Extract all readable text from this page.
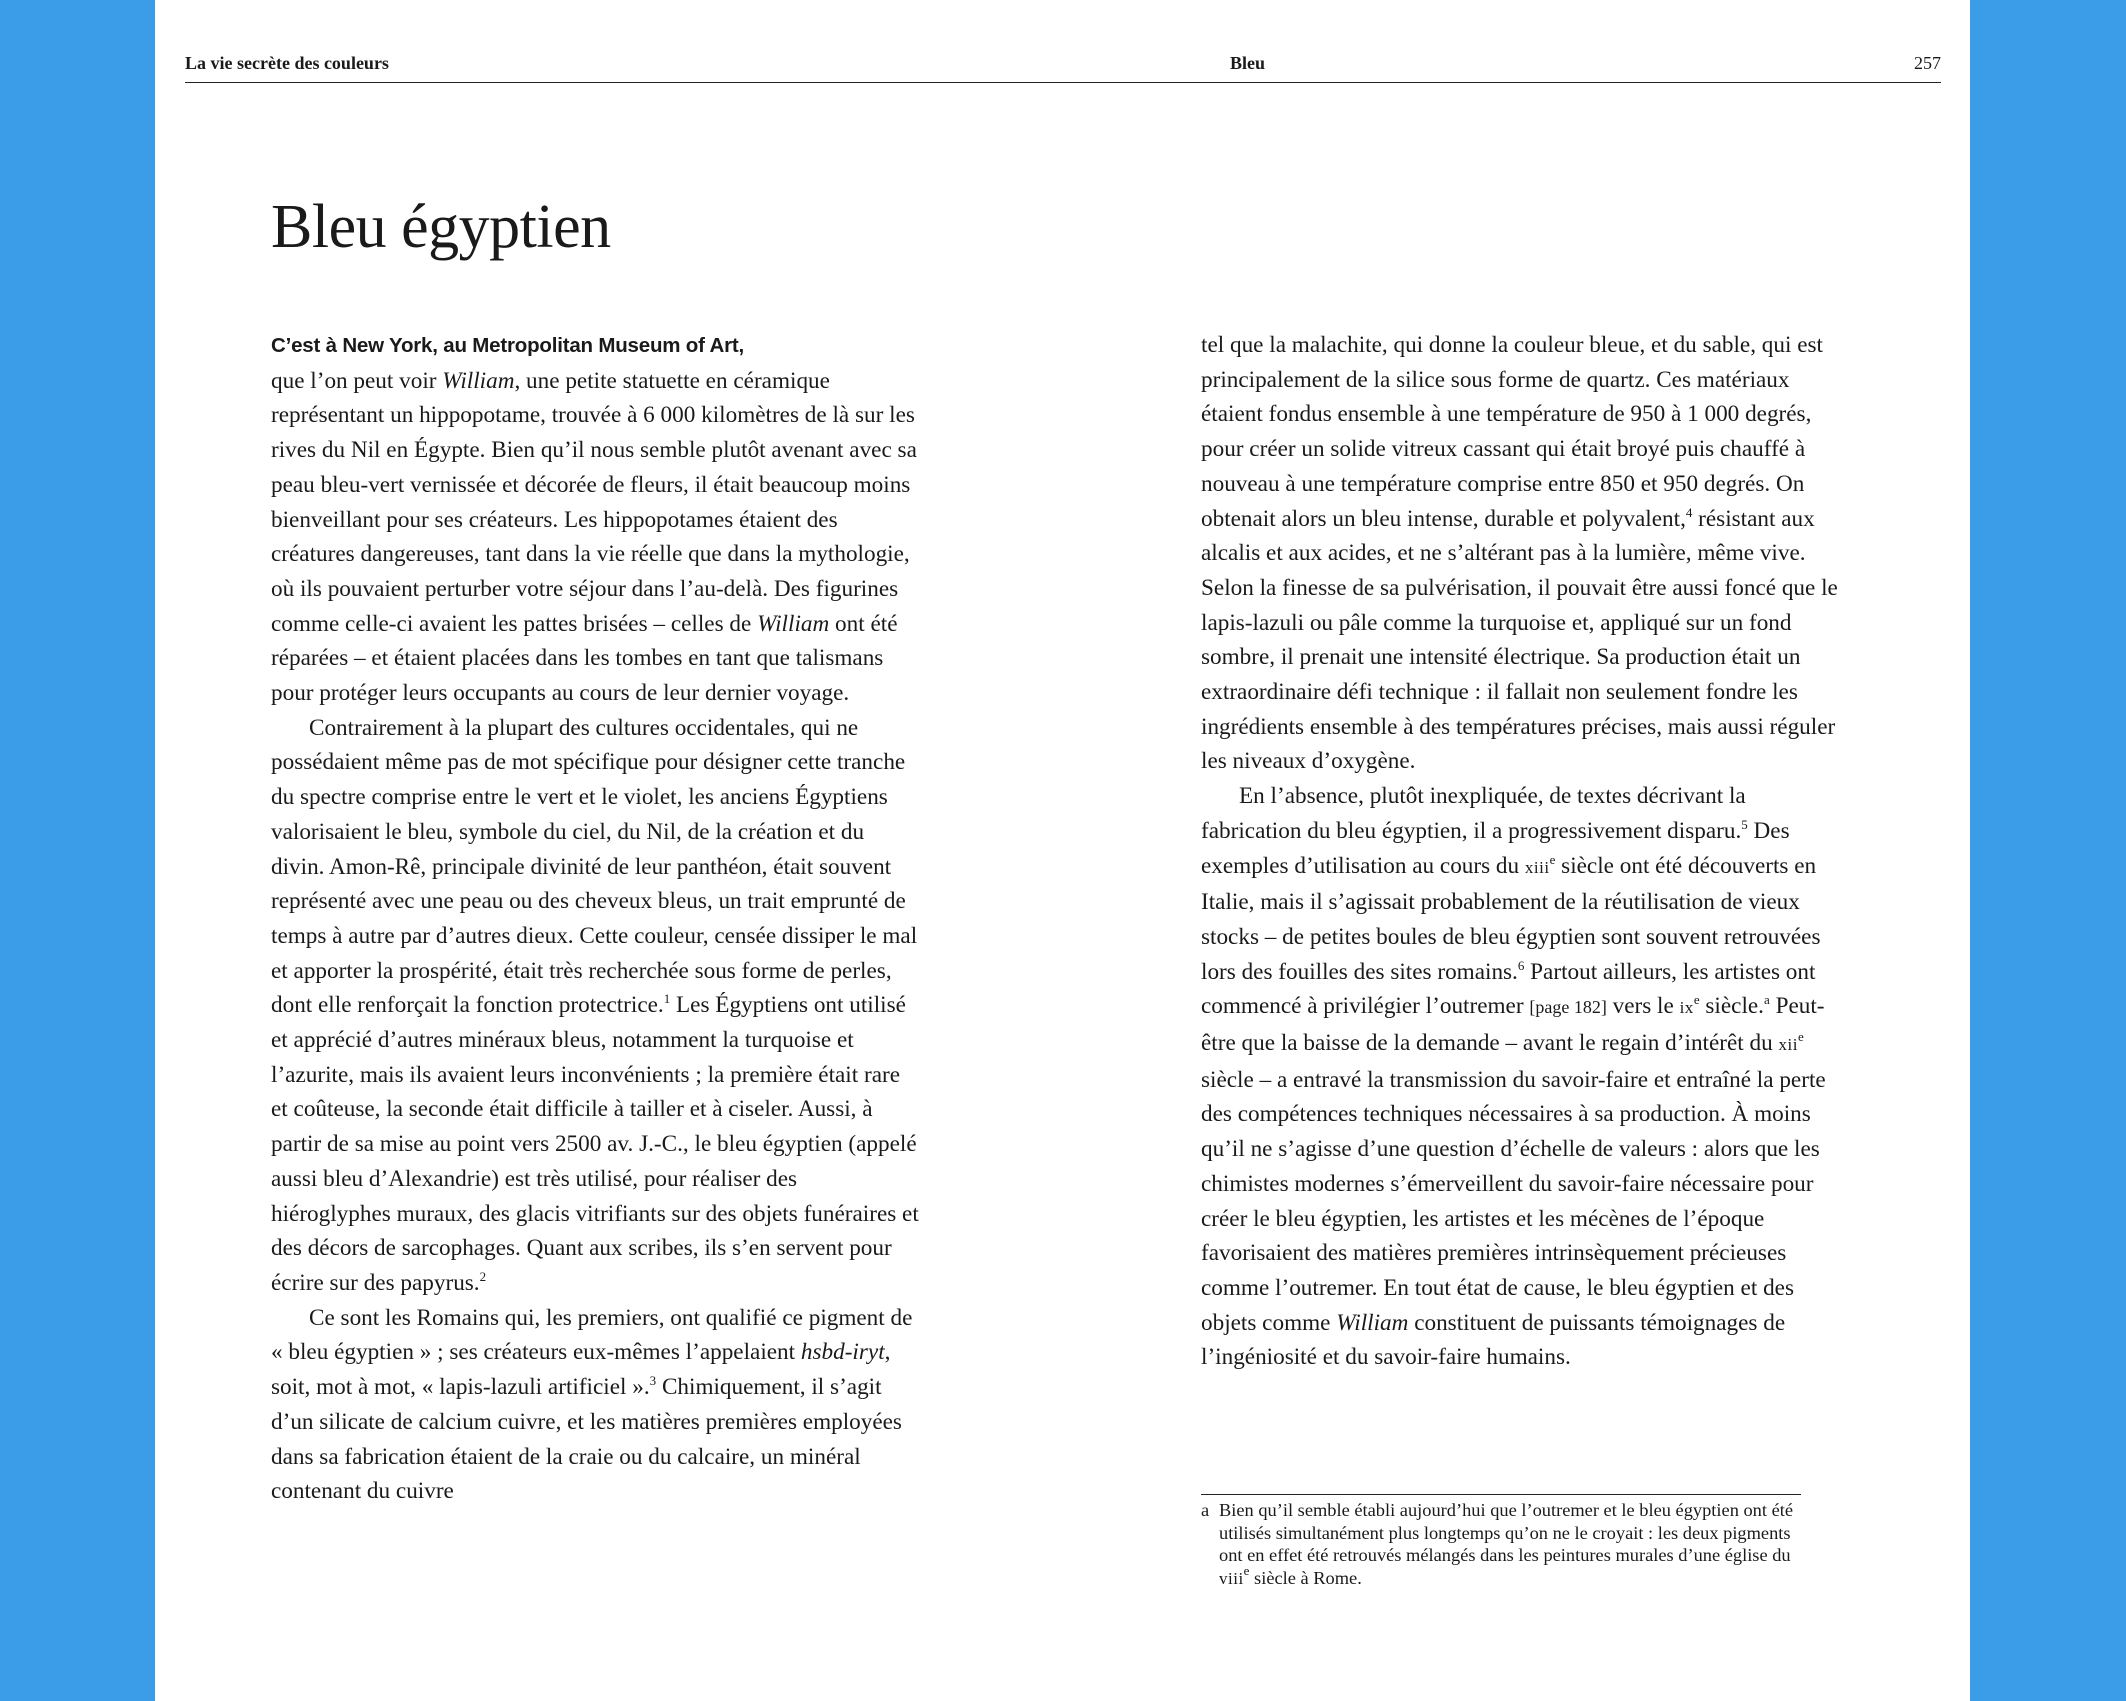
La vie secrète des couleurs	Bleu	257
Bleu égyptien

C’est à New York, au Metropolitan Museum of Art,
que l’on peut voir William, une petite statuette en céramique représentant un hippopotame, trouvée à 6 000 kilomètres de là sur les rives du Nil en Égypte. Bien qu’il nous semble plutôt avenant avec sa peau bleu-vert vernissée et décorée de fleurs, il était beaucoup moins bienveillant pour ses créateurs. Les hippopotames étaient des créatures dangereuses, tant dans la vie réelle que dans la mythologie, où ils pouvaient perturber votre séjour dans l’au-delà. Des figurines comme celle-ci avaient les pattes brisées – celles de William ont été réparées – et étaient placées dans les tombes en tant que talismans pour protéger leurs occupants au cours de leur dernier voyage.

Contrairement à la plupart des cultures occidentales, qui ne possédaient même pas de mot spécifique pour désigner cette tranche du spectre comprise entre le vert et le violet, les anciens Égyptiens valorisaient le bleu, symbole du ciel, du Nil, de la création et du divin. Amon-Rê, principale divinité de leur panthéon, était souvent représenté avec une peau ou des cheveux bleus, un trait emprunté de temps à autre par d’autres dieux. Cette couleur, censée dissiper le mal et apporter la prospérité, était très recherchée sous forme de perles, dont elle renforçait la fonction protectrice.$^1$ Les Égyptiens ont utilisé et apprécié d’autres minéraux bleus, notamment la turquoise et l’azurite, mais ils avaient leurs inconvénients ; la première était rare et coûteuse, la seconde était difficile à tailler et à ciseler. Aussi, à partir de sa mise au point vers 2500 av. J.-C., le bleu égyptien (appelé aussi bleu d’Alexandrie) est très utilisé, pour réaliser des hiéroglyphes muraux, des glacis vitrifiants sur des objets funéraires et des décors de sarcophages. Quant aux scribes, ils s’en servent pour écrire sur des papyrus.$^2$

Ce sont les Romains qui, les premiers, ont qualifié ce pigment de « bleu égyptien » ; ses créateurs eux-mêmes l’appelaient hsbd-iryt, soit, mot à mot, « lapis-lazuli artificiel ».$^3$ Chimiquement, il s’agit d’un silicate de calcium cuivre, et les matières premières employées dans sa fabrication étaient de la craie ou du calcaire, un minéral contenant du cuivre

tel que la malachite, qui donne la couleur bleue, et du sable, qui est principalement de la silice sous forme de quartz. Ces matériaux étaient fondus ensemble à une température de 950 à 1 000 degrés, pour créer un solide vitreux cassant qui était broyé puis chauffé à nouveau à une température comprise entre 850 et 950 degrés. On obtenait alors un bleu intense, durable et polyvalent,$^4$ résistant aux alcalis et aux acides, et ne s’altérant pas à la lumière, même vive. Selon la finesse de sa pulvérisation, il pouvait être aussi foncé que le lapis-lazuli ou pâle comme la turquoise et, appliqué sur un fond sombre, il prenait une intensité électrique. Sa production était un extraordinaire défi technique : il fallait non seulement fondre les ingrédients ensemble à des températures précises, mais aussi réguler les niveaux d’oxygène.

En l’absence, plutôt inexpliquée, de textes décrivant la fabrication du bleu égyptien, il a progressivement disparu.$^5$ Des exemples d’utilisation au cours du xiii$^e$ siècle ont été découverts en Italie, mais il s’agissait probablement de la réutilisation de vieux stocks – de petites boules de bleu égyptien sont souvent retrouvées lors des fouilles des sites romains.$^6$ Partout ailleurs, les artistes ont commencé à privilégier l’outremer [page 182] vers le $ix^e$ siècle.$^a$ Peut-être que la baisse de la demande – avant le regain d’intérêt du xii$^e$ siècle – a entravé la transmission du savoir-faire et entraîné la perte des compétences techniques nécessaires à sa production. À moins qu’il ne s’agisse d’une question d’échelle de valeurs : alors que les chimistes modernes s’émerveillent du savoir-faire nécessaire pour créer le bleu égyptien, les artistes et les mécènes de l’époque favorisaient des matières premières intrinsèquement précieuses comme l’outremer. En tout état de cause, le bleu égyptien et des objets comme William constituent de puissants témoignages de l’ingéniosité et du savoir-faire humains.

a Bien qu’il semble établi aujourd’hui que l’outremer et le bleu égyptien ont été utilisés simultanément plus longtemps qu’on ne le croyait : les deux pigments ont en effet été retrouvés mélangés dans les peintures murales d’une église du viii$^e$ siècle à Rome.
